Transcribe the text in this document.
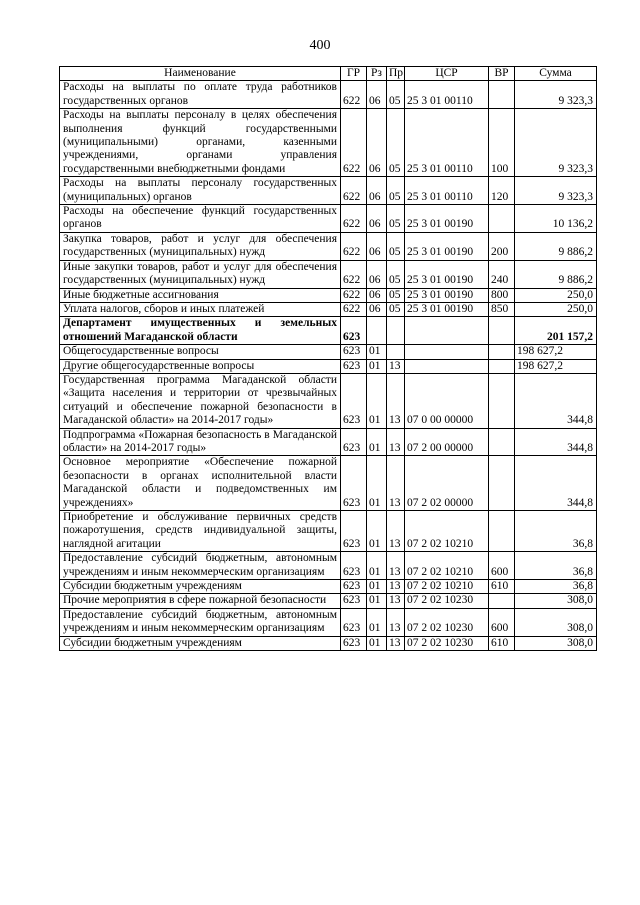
400
Наименование	ГР	Рз	Пр	ЦСР	ВР	Сумма
Расходы на выплаты по оплате труда работников государственных органов	622	06	05	25 3 01 00110		9 323,3
Расходы на выплаты персоналу в целях обеспечения выполнения функций государственными (муниципальными) органами, казенными учреждениями, органами управления государственными внебюджетными фондами	622	06	05	25 3 01 00110	100	9 323,3
Расходы на выплаты персоналу государственных (муниципальных) органов	622	06	05	25 3 01 00110	120	9 323,3
Расходы на обеспечение функций государственных органов	622	06	05	25 3 01 00190		10 136,2
Закупка товаров, работ и услуг для обеспечения государственных (муниципальных) нужд	622	06	05	25 3 01 00190	200	9 886,2
Иные закупки товаров, работ и услуг для обеспечения государственных (муниципальных) нужд	622	06	05	25 3 01 00190	240	9 886,2
Иные бюджетные ассигнования	622	06	05	25 3 01 00190	800	250,0
Уплата налогов, сборов и иных платежей	622	06	05	25 3 01 00190	850	250,0
Департамент имущественных и земельных отношений Магаданской области	623					201 157,2
Общегосударственные вопросы	623	01				198 627,2
Другие общегосударственные вопросы	623	01	13			198 627,2
Государственная программа Магаданской области «Защита населения и территории от чрезвычайных ситуаций и обеспечение пожарной безопасности в Магаданской области» на 2014-2017 годы»	623	01	13	07 0 00 00000		344,8
Подпрограмма «Пожарная безопасность в Магаданской области» на 2014-2017 годы»	623	01	13	07 2 00 00000		344,8
Основное мероприятие «Обеспечение пожарной безопасности в органах исполнительной власти Магаданской области и подведомственных им учреждениях»	623	01	13	07 2 02 00000		344,8
Приобретение и обслуживание первичных средств пожаротушения, средств индивидуальной защиты, наглядной агитации	623	01	13	07 2 02 10210		36,8
Предоставление субсидий бюджетным, автономным учреждениям и иным некоммерческим организациям	623	01	13	07 2 02 10210	600	36,8
Субсидии бюджетным учреждениям	623	01	13	07 2 02 10210	610	36,8
Прочие мероприятия в сфере пожарной безопасности	623	01	13	07 2 02 10230		308,0
Предоставление субсидий бюджетным, автономным учреждениям и иным некоммерческим организациям	623	01	13	07 2 02 10230	600	308,0
Субсидии бюджетным учреждениям	623	01	13	07 2 02 10230	610	308,0
